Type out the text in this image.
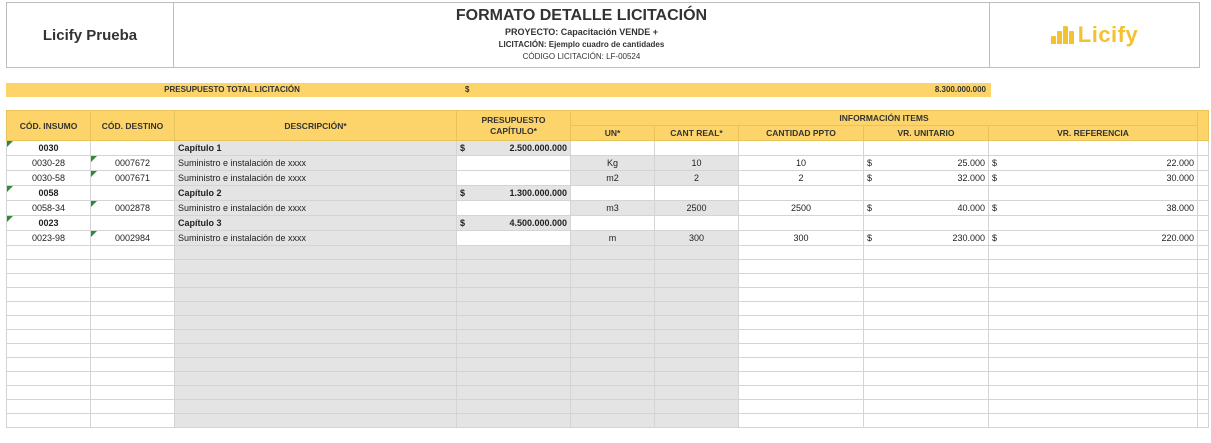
Licify Prueba
FORMATO DETALLE LICITACIÓN
PROYECTO: Capacitación VENDE +
LICITACIÓN: Ejemplo cuadro de cantidades
CÓDIGO LICITACIÓN: LF-00524
Licify
PRESUPUESTO TOTAL LICITACIÓN	$	8.300.000.000
CÓD. INSUMO	CÓD. DESTINO	DESCRIPCIÓN*	PRESUPUESTO CAPÍTULO*	INFORMACIÓN ITEMS					
				UN*	CANT REAL*	CANTIDAD PPTO	VR. UNITARIO	VR. REFERENCIA	
0030		Capítulo 1	$ 2.500.000.000						

0030-28	0007672	Suministro e instalación de xxxx		Kg	10	10	$ 25.000	$ 22.000	

0030-58	0007671	Suministro e instalación de xxxx		m2	2	2	$ 32.000	$ 30.000	

0058		Capítulo 2	$ 1.300.000.000						

0058-34	0002878	Suministro e instalación de xxxx		m3	2500	2500	$ 40.000	$ 38.000	

0023		Capítulo 3	$ 4.500.000.000						

0023-98	0002984	Suministro e instalación de xxxx		m	300	300	$ 230.000	$ 220.000	
